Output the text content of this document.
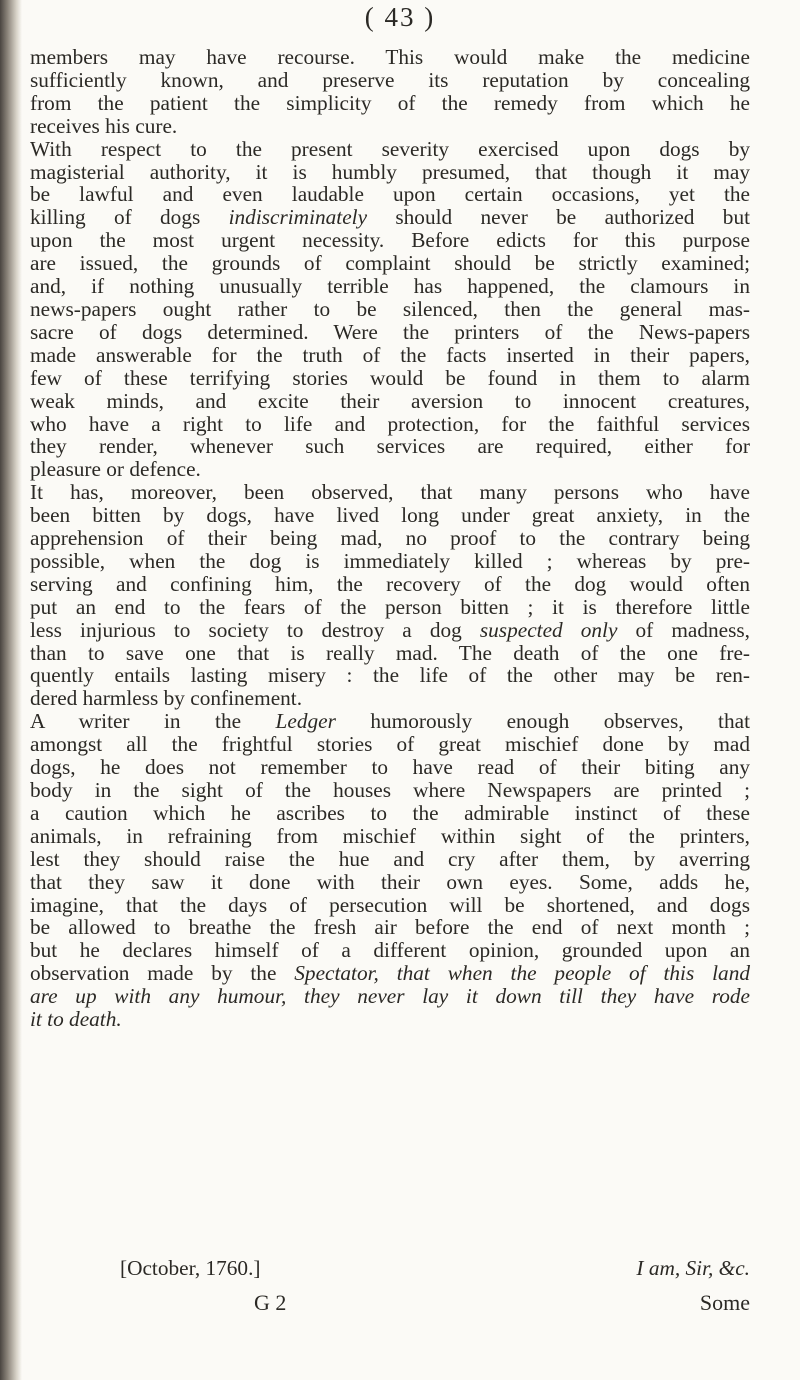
( 43 )
members may have recourse. This would make the medicine
sufficiently known, and preserve its reputation by concealing
from the patient the simplicity of the remedy from which he
receives his cure.
With respect to the present severity exercised upon dogs by
magisterial authority, it is humbly presumed, that though it may
be lawful and even laudable upon certain occasions, yet the
killing of dogs indiscriminately should never be authorized but
upon the most urgent necessity. Before edicts for this purpose
are issued, the grounds of complaint should be strictly examined;
and, if nothing unusually terrible has happened, the clamours in
news-papers ought rather to be silenced, then the general mas-
sacre of dogs determined. Were the printers of the News-papers
made answerable for the truth of the facts inserted in their papers,
few of these terrifying stories would be found in them to alarm
weak minds, and excite their aversion to innocent creatures,
who have a right to life and protection, for the faithful services
they render, whenever such services are required, either for
pleasure or defence.
It has, moreover, been observed, that many persons who have
been bitten by dogs, have lived long under great anxiety, in the
apprehension of their being mad, no proof to the contrary being
possible, when the dog is immediately killed ; whereas by pre-
serving and confining him, the recovery of the dog would often
put an end to the fears of the person bitten ; it is therefore little
less injurious to society to destroy a dog suspected only of madness,
than to save one that is really mad. The death of the one fre-
quently entails lasting misery : the life of the other may be ren-
dered harmless by confinement.
A writer in the Ledger humorously enough observes, that
amongst all the frightful stories of great mischief done by mad
dogs, he does not remember to have read of their biting any
body in the sight of the houses where Newspapers are printed ;
a caution which he ascribes to the admirable instinct of these
animals, in refraining from mischief within sight of the printers,
lest they should raise the hue and cry after them, by averring
that they saw it done with their own eyes. Some, adds he,
imagine, that the days of persecution will be shortened, and dogs
be allowed to breathe the fresh air before the end of next month ;
but he declares himself of a different opinion, grounded upon an
observation made by the Spectator, that when the people of this land
are up with any humour, they never lay it down till they have rode
it to death.
[October, 1760.]	I am, Sir, &c.
G 2	Some
